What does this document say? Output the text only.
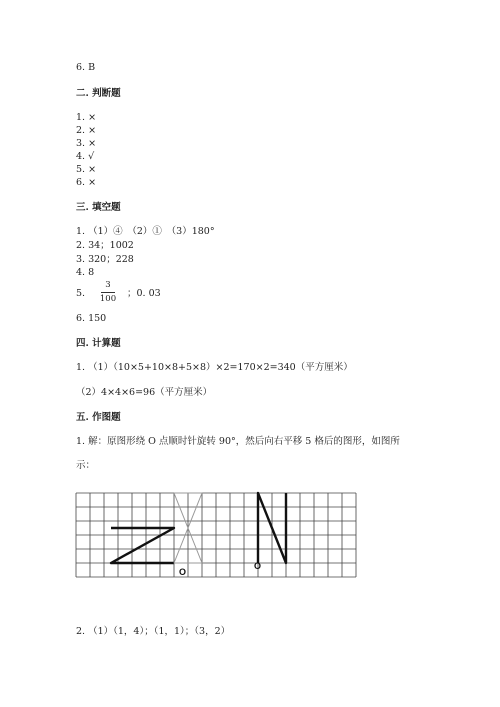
6. B
二. 判断题
1. ×
2. ×
3. ×
4. √
5. ×
6. ×
三. 填空题
1. （1）④　（2）①　（3）180°
2. 34；1002
3. 320；228
4. 8
5.
3
100 ；0. 03
6. 150
四. 计算题
1. （1）（10×5+10×8+5×8）×2=170×2=340（平方厘米）
（2）4×4×6=96（平方厘米）
五. 作图题
1. 解：原图形绕 O 点顺时针旋转 90°，然后向右平移 5 格后的图形，如图所
示：
O
O
2. （1）（1，4）；（1，1）；（3，2）
